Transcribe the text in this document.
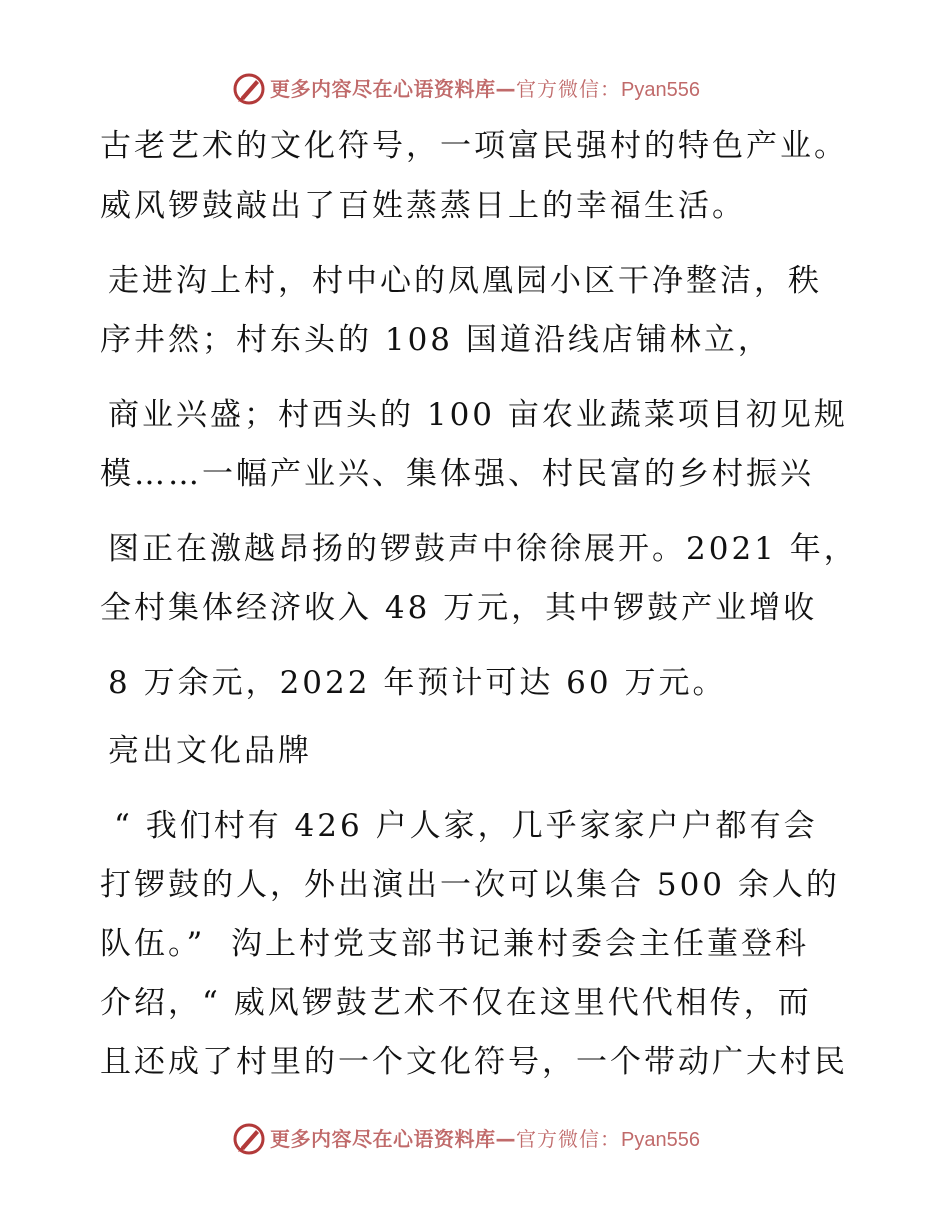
更多内容尽在心语资料库—官方微信：Pyan556
古老艺术的文化符号，一项富民强村的特色产业。
威风锣鼓敲出了百姓蒸蒸日上的幸福生活。
走进沟上村，村中心的凤凰园小区干净整洁，秩
序井然；村东头的 108 国道沿线店铺林立，
商业兴盛；村西头的 100 亩农业蔬菜项目初见规
模……一幅产业兴、集体强、村民富的乡村振兴
图正在激越昂扬的锣鼓声中徐徐展开。2021 年，
全村集体经济收入 48 万元，其中锣鼓产业增收
8 万余元，2022 年预计可达 60 万元。
亮出文化品牌
“ 我们村有 426 户人家，几乎家家户户都有会
打锣鼓的人，外出演出一次可以集合 500 余人的
队伍。”  沟上村党支部书记兼村委会主任董登科
介绍，“ 威风锣鼓艺术不仅在这里代代相传，而
且还成了村里的一个文化符号，一个带动广大村民
更多内容尽在心语资料库—官方微信：Pyan556
